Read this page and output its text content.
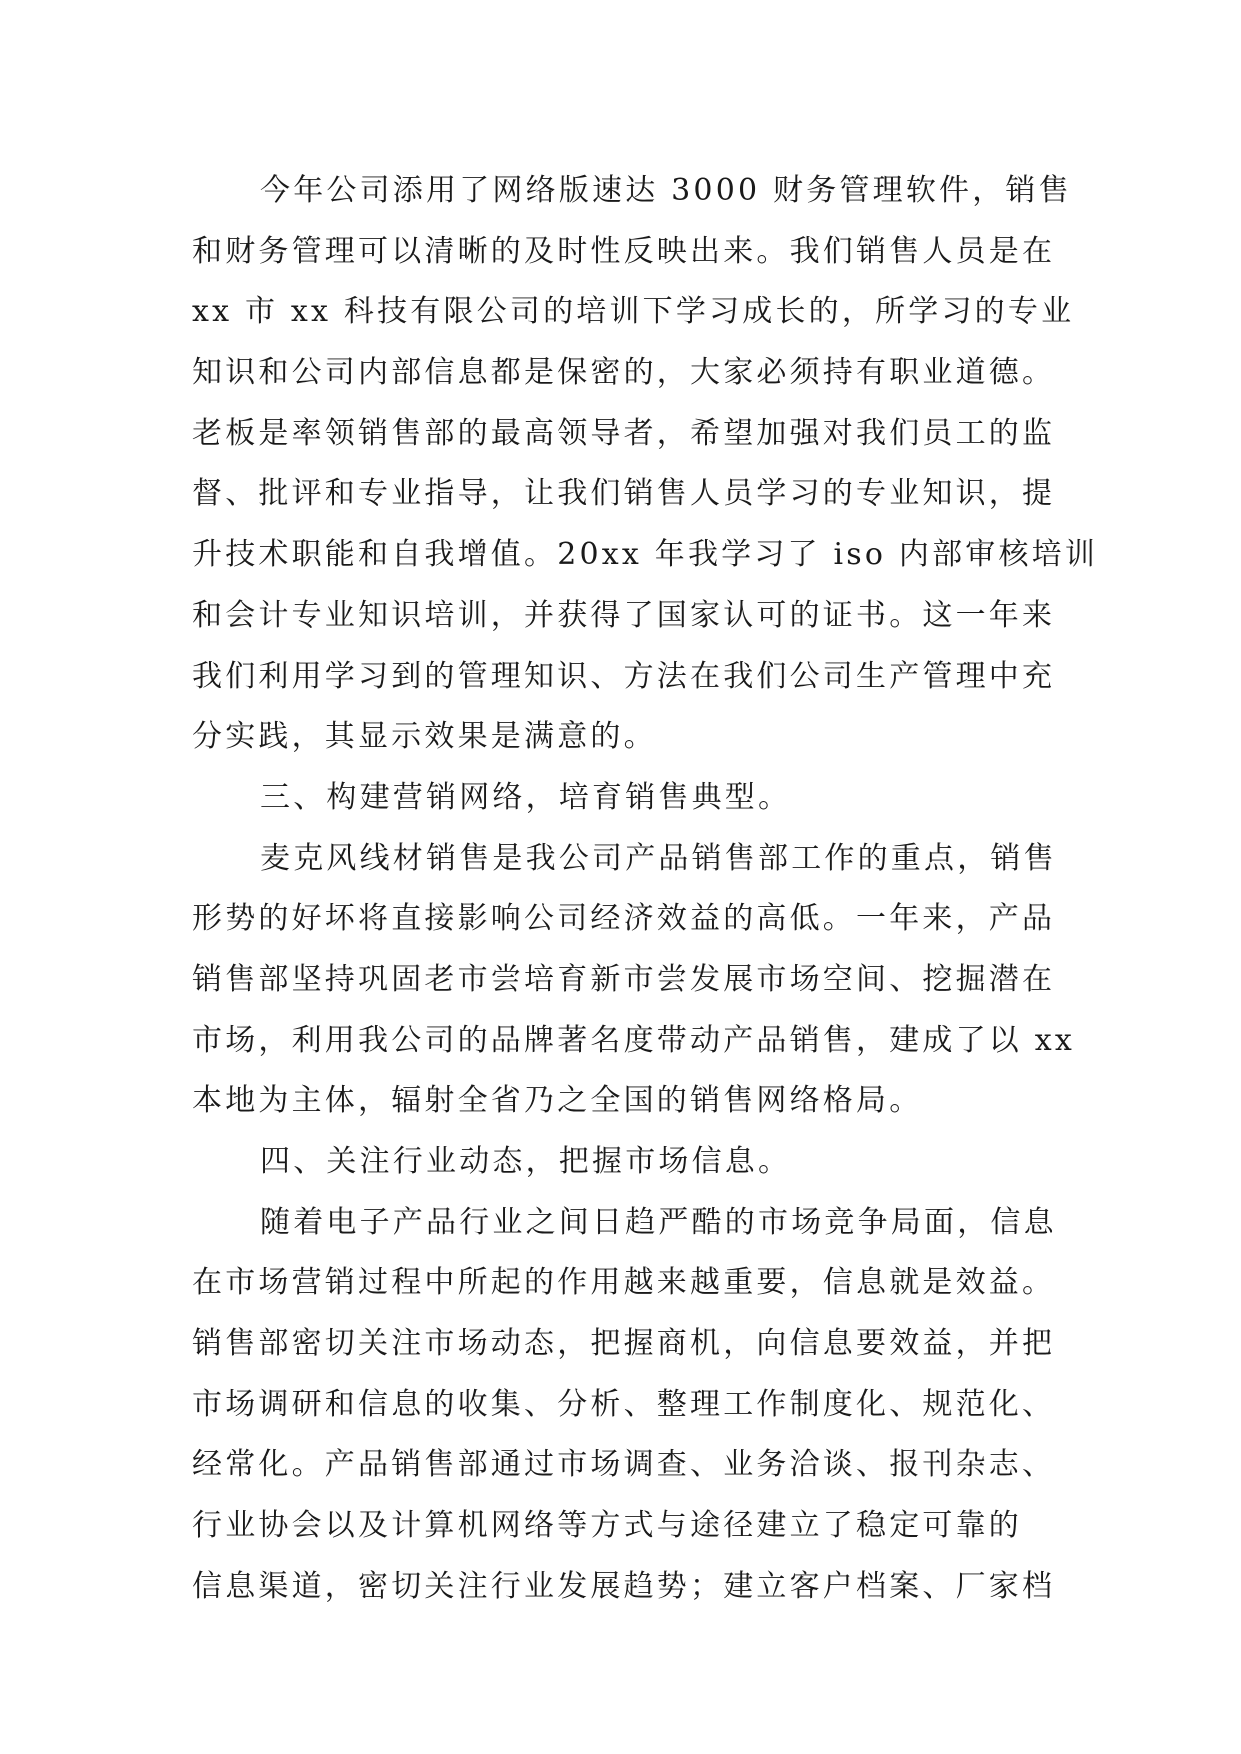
今年公司添用了网络版速达 3000 财务管理软件，销售
和财务管理可以清晰的及时性反映出来。我们销售人员是在
xx 市 xx 科技有限公司的培训下学习成长的，所学习的专业
知识和公司内部信息都是保密的，大家必须持有职业道德。
老板是率领销售部的最高领导者，希望加强对我们员工的监
督、批评和专业指导，让我们销售人员学习的专业知识，提
升技术职能和自我增值。20xx 年我学习了 iso 内部审核培训
和会计专业知识培训，并获得了国家认可的证书。这一年来
我们利用学习到的管理知识、方法在我们公司生产管理中充
分实践，其显示效果是满意的。
三、构建营销网络，培育销售典型。
麦克风线材销售是我公司产品销售部工作的重点，销售
形势的好坏将直接影响公司经济效益的高低。一年来，产品
销售部坚持巩固老市尝培育新市尝发展市场空间、挖掘潜在
市场，利用我公司的品牌著名度带动产品销售，建成了以 xx
本地为主体，辐射全省乃之全国的销售网络格局。
四、关注行业动态，把握市场信息。
随着电子产品行业之间日趋严酷的市场竞争局面，信息
在市场营销过程中所起的作用越来越重要，信息就是效益。
销售部密切关注市场动态，把握商机，向信息要效益，并把
市场调研和信息的收集、分析、整理工作制度化、规范化、
经常化。产品销售部通过市场调查、业务洽谈、报刊杂志、
行业协会以及计算机网络等方式与途径建立了稳定可靠的
信息渠道，密切关注行业发展趋势；建立客户档案、厂家档
